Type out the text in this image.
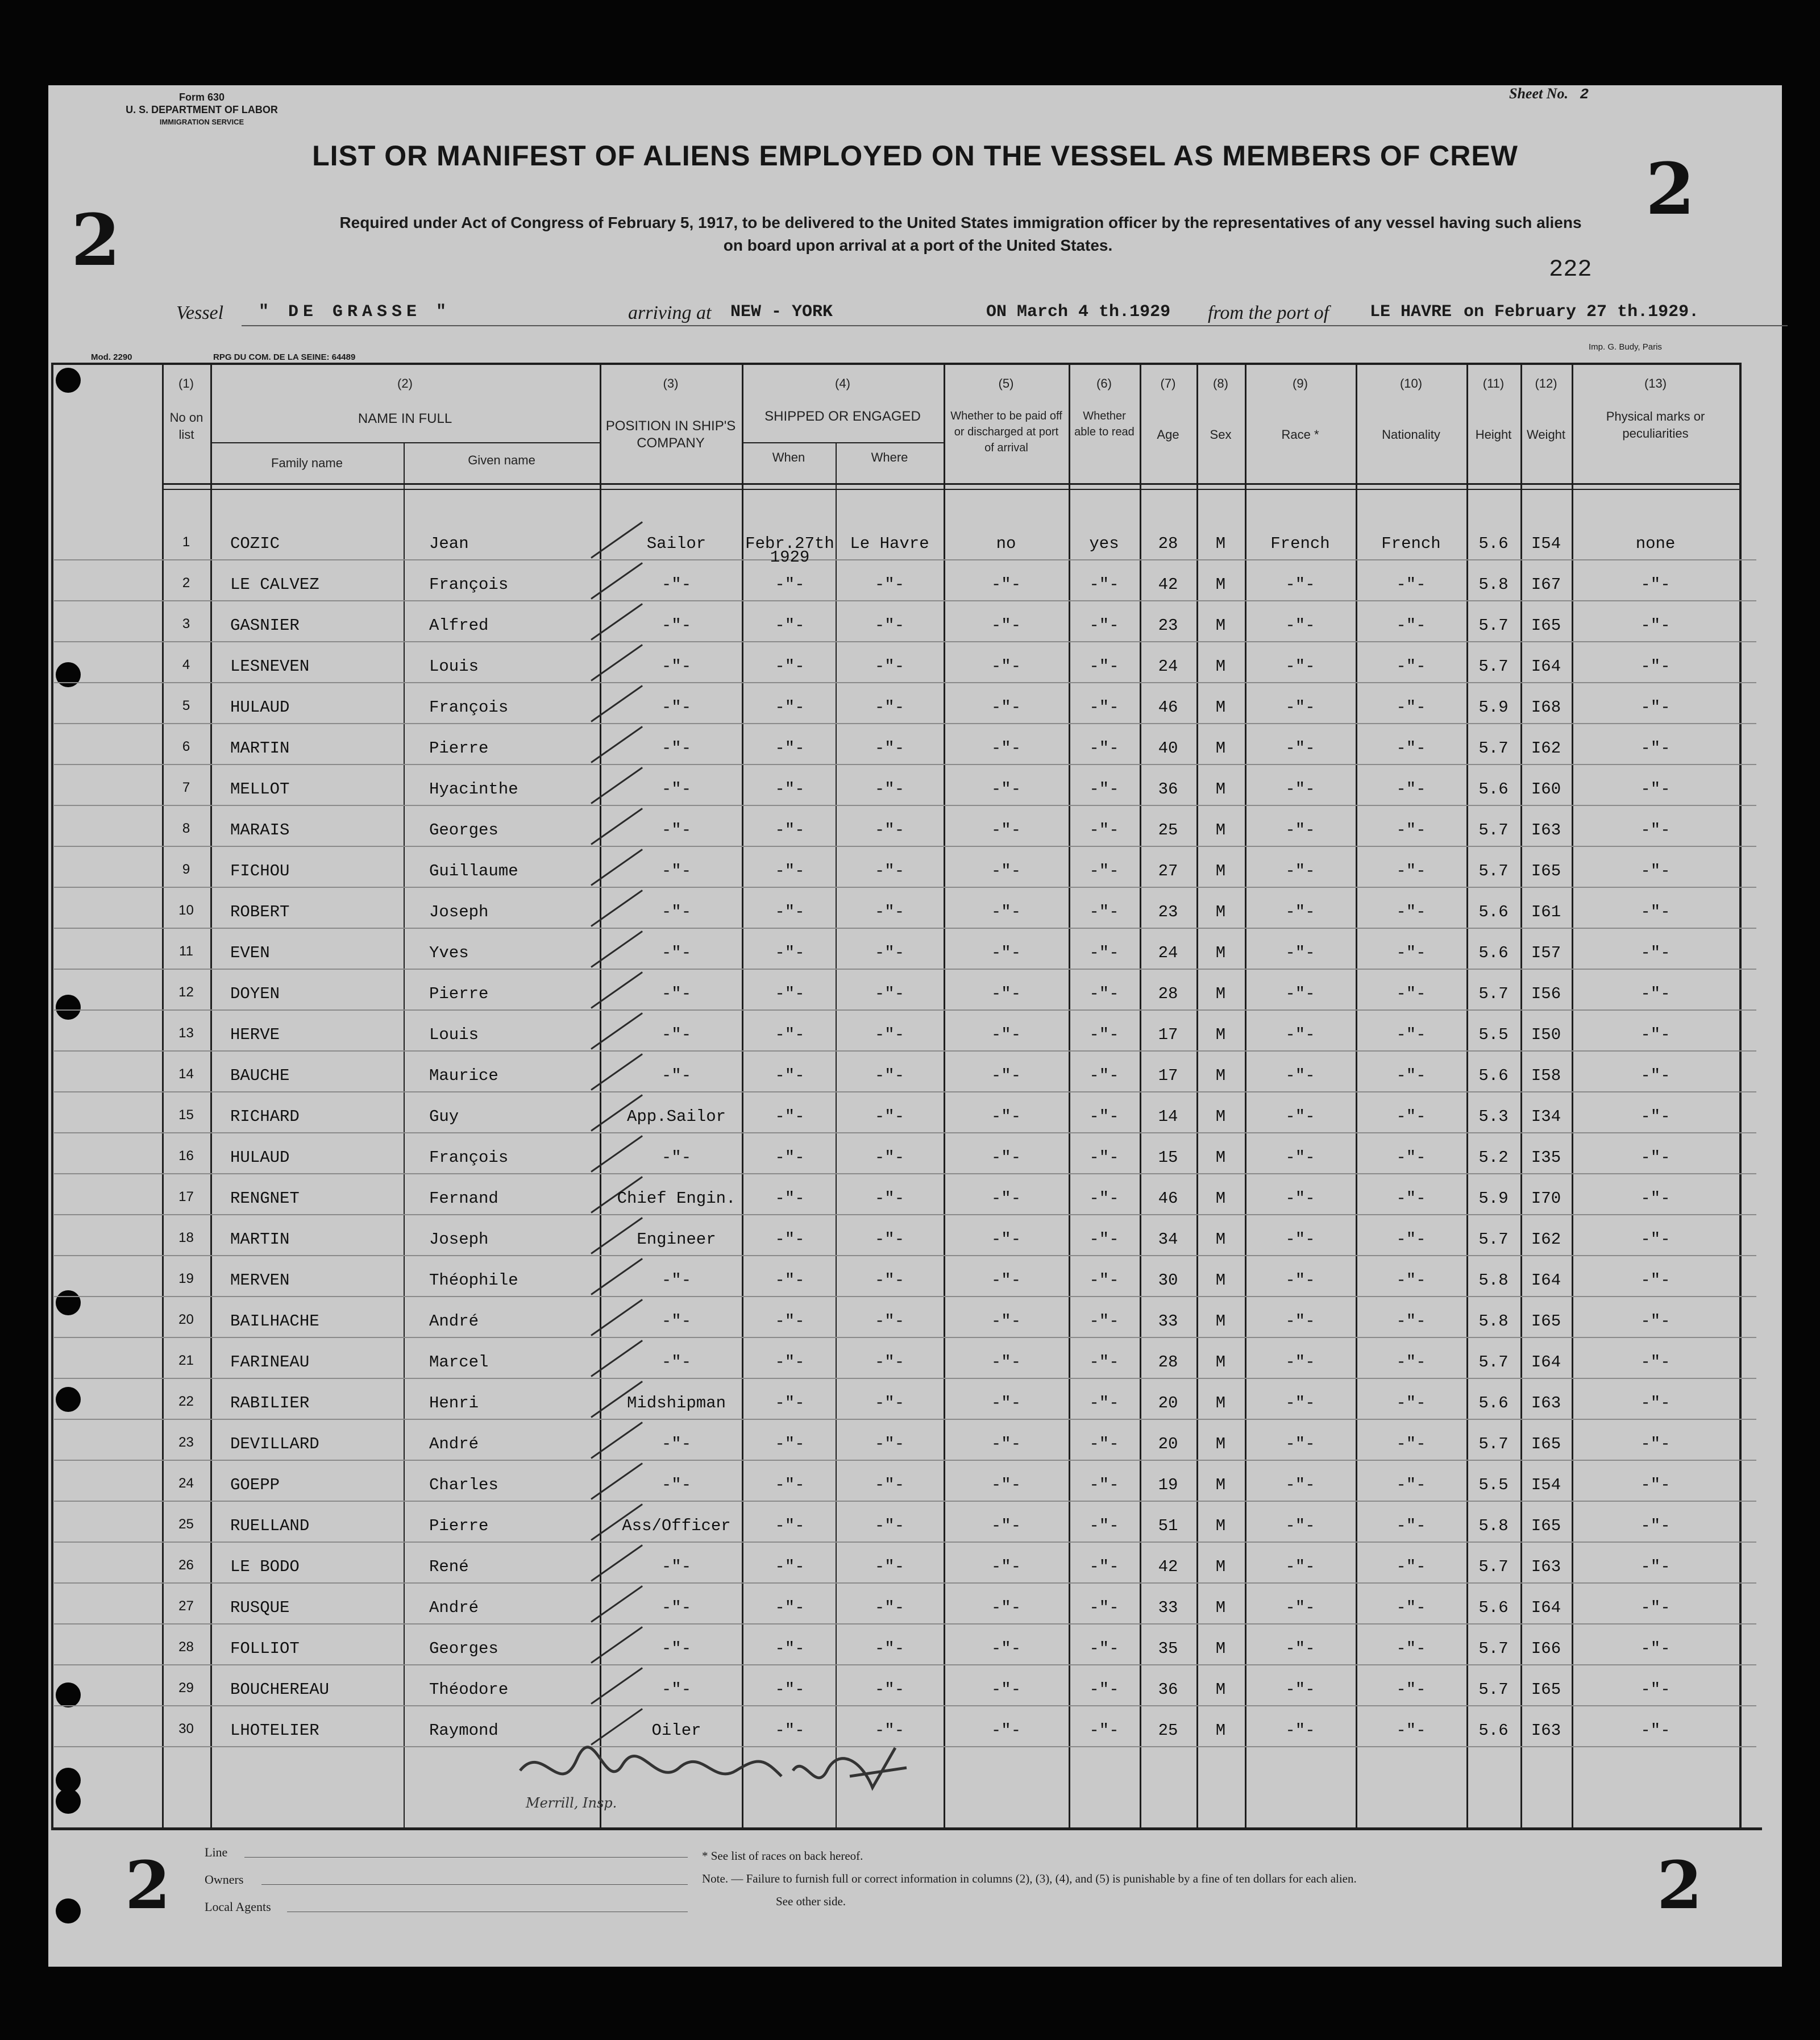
Form 630
U. S. DEPARTMENT OF LABOR
IMMIGRATION SERVICE
Sheet No. 2
LIST OR MANIFEST OF ALIENS EMPLOYED ON THE VESSEL AS MEMBERS OF CREW	2
2	Required under Act of Congress of February 5, 1917, to be delivered to the United States immigration officer by the representatives of any vessel having such aliens
on board upon arrival at a port of the United States.
222
Vessel " DE GRASSE "	arriving at NEW - YORK	ON March 4 th.1929 from the port of LE HAVRE on February 27 th.1929.
Mod. 2290	RPG DU COM. DE LA SEINE: 64489
Imp. G. Budy, Paris
(1)
No on list
(2)
NAME IN FULL
Family name	Given name
(3)
POSITION IN SHIP'S COMPANY
(4)
SHIPPED OR ENGAGED
When	Where
(5)
Whether to be paid off or discharged at port of arrival
(6)
Whether able to read
(7)
Age
(8)
Sex
(9)
Race *
(10)
Nationality
(11)
Height
(12)
Weight
(13)
Physical marks or peculiarities
1	COZIC	Jean	Sailor	Febr.27th
1929
Le Havre	no	yes	28	M	French	French	5.6	I54	none
2	LE CALVEZ	François	-"-	-"-	-"-	-"-	-"-	42	M	-"-	-"-	5.8	I67	-"-
3	GASNIER	Alfred	-"-	-"-	-"-	-"-	-"-	23	M	-"-	-"-	5.7	I65	-"-
4	LESNEVEN	Louis	-"-	-"-	-"-	-"-	-"-	24	M	-"-	-"-	5.7	I64	-"-
5	HULAUD	François	-"-	-"-	-"-	-"-	-"-	46	M	-"-	-"-	5.9	I68	-"-
6	MARTIN	Pierre	-"-	-"-	-"-	-"-	-"-	40	M	-"-	-"-	5.7	I62	-"-
7	MELLOT	Hyacinthe	-"-	-"-	-"-	-"-	-"-	36	M	-"-	-"-	5.6	I60	-"-
8	MARAIS	Georges	-"-	-"-	-"-	-"-	-"-	25	M	-"-	-"-	5.7	I63	-"-
9	FICHOU	Guillaume	-"-	-"-	-"-	-"-	-"-	27	M	-"-	-"-	5.7	I65	-"-
10	ROBERT	Joseph	-"-	-"-	-"-	-"-	-"-	23	M	-"-	-"-	5.6	I61	-"-
11	EVEN	Yves	-"-	-"-	-"-	-"-	-"-	24	M	-"-	-"-	5.6	I57	-"-
12	DOYEN	Pierre	-"-	-"-	-"-	-"-	-"-	28	M	-"-	-"-	5.7	I56	-"-
13	HERVE	Louis	-"-	-"-	-"-	-"-	-"-	17	M	-"-	-"-	5.5	I50	-"-
14	BAUCHE	Maurice	-"-	-"-	-"-	-"-	-"-	17	M	-"-	-"-	5.6	I58	-"-
15	RICHARD	Guy	App.Sailor	-"-	-"-	-"-	-"-	14	M	-"-	-"-	5.3	I34	-"-
16	HULAUD	François	-"-	-"-	-"-	-"-	-"-	15	M	-"-	-"-	5.2	I35	-"-
17	RENGNET	Fernand	Chief Engin.	-"-	-"-	-"-	-"-	46	M	-"-	-"-	5.9	I70	-"-
18	MARTIN	Joseph	Engineer	-"-	-"-	-"-	-"-	34	M	-"-	-"-	5.7	I62	-"-
19	MERVEN	Théophile	-"-	-"-	-"-	-"-	-"-	30	M	-"-	-"-	5.8	I64	-"-
20	BAILHACHE	André	-"-	-"-	-"-	-"-	-"-	33	M	-"-	-"-	5.8	I65	-"-
21	FARINEAU	Marcel	-"-	-"-	-"-	-"-	-"-	28	M	-"-	-"-	5.7	I64	-"-
22	RABILIER	Henri	Midshipman	-"-	-"-	-"-	-"-	20	M	-"-	-"-	5.6	I63	-"-
23	DEVILLARD	André	-"-	-"-	-"-	-"-	-"-	20	M	-"-	-"-	5.7	I65	-"-
24	GOEPP	Charles	-"-	-"-	-"-	-"-	-"-	19	M	-"-	-"-	5.5	I54	-"-
25	RUELLAND	Pierre	Ass/Officer	-"-	-"-	-"-	-"-	51	M	-"-	-"-	5.8	I65	-"-
26	LE BODO	René	-"-	-"-	-"-	-"-	-"-	42	M	-"-	-"-	5.7	I63	-"-
27	RUSQUE	André	-"-	-"-	-"-	-"-	-"-	33	M	-"-	-"-	5.6	I64	-"-
28	FOLLIOT	Georges	-"-	-"-	-"-	-"-	-"-	35	M	-"-	-"-	5.7	I66	-"-
29	BOUCHEREAU	Théodore	-"-	-"-	-"-	-"-	-"-	36	M	-"-	-"-	5.7	I65	-"-
30	LHOTELIER	Raymond	Oiler	-"-	-"-	-"-	-"-	25	M	-"-	-"-	5.6	I63	-"-
Merrill, Insp.
2	2
Line
Owners
Local Agents
* See list of races on back hereof.
Note. — Failure to furnish full or correct information in columns (2), (3), (4), and (5) is punishable by a fine of ten dollars for each alien.
See other side.
